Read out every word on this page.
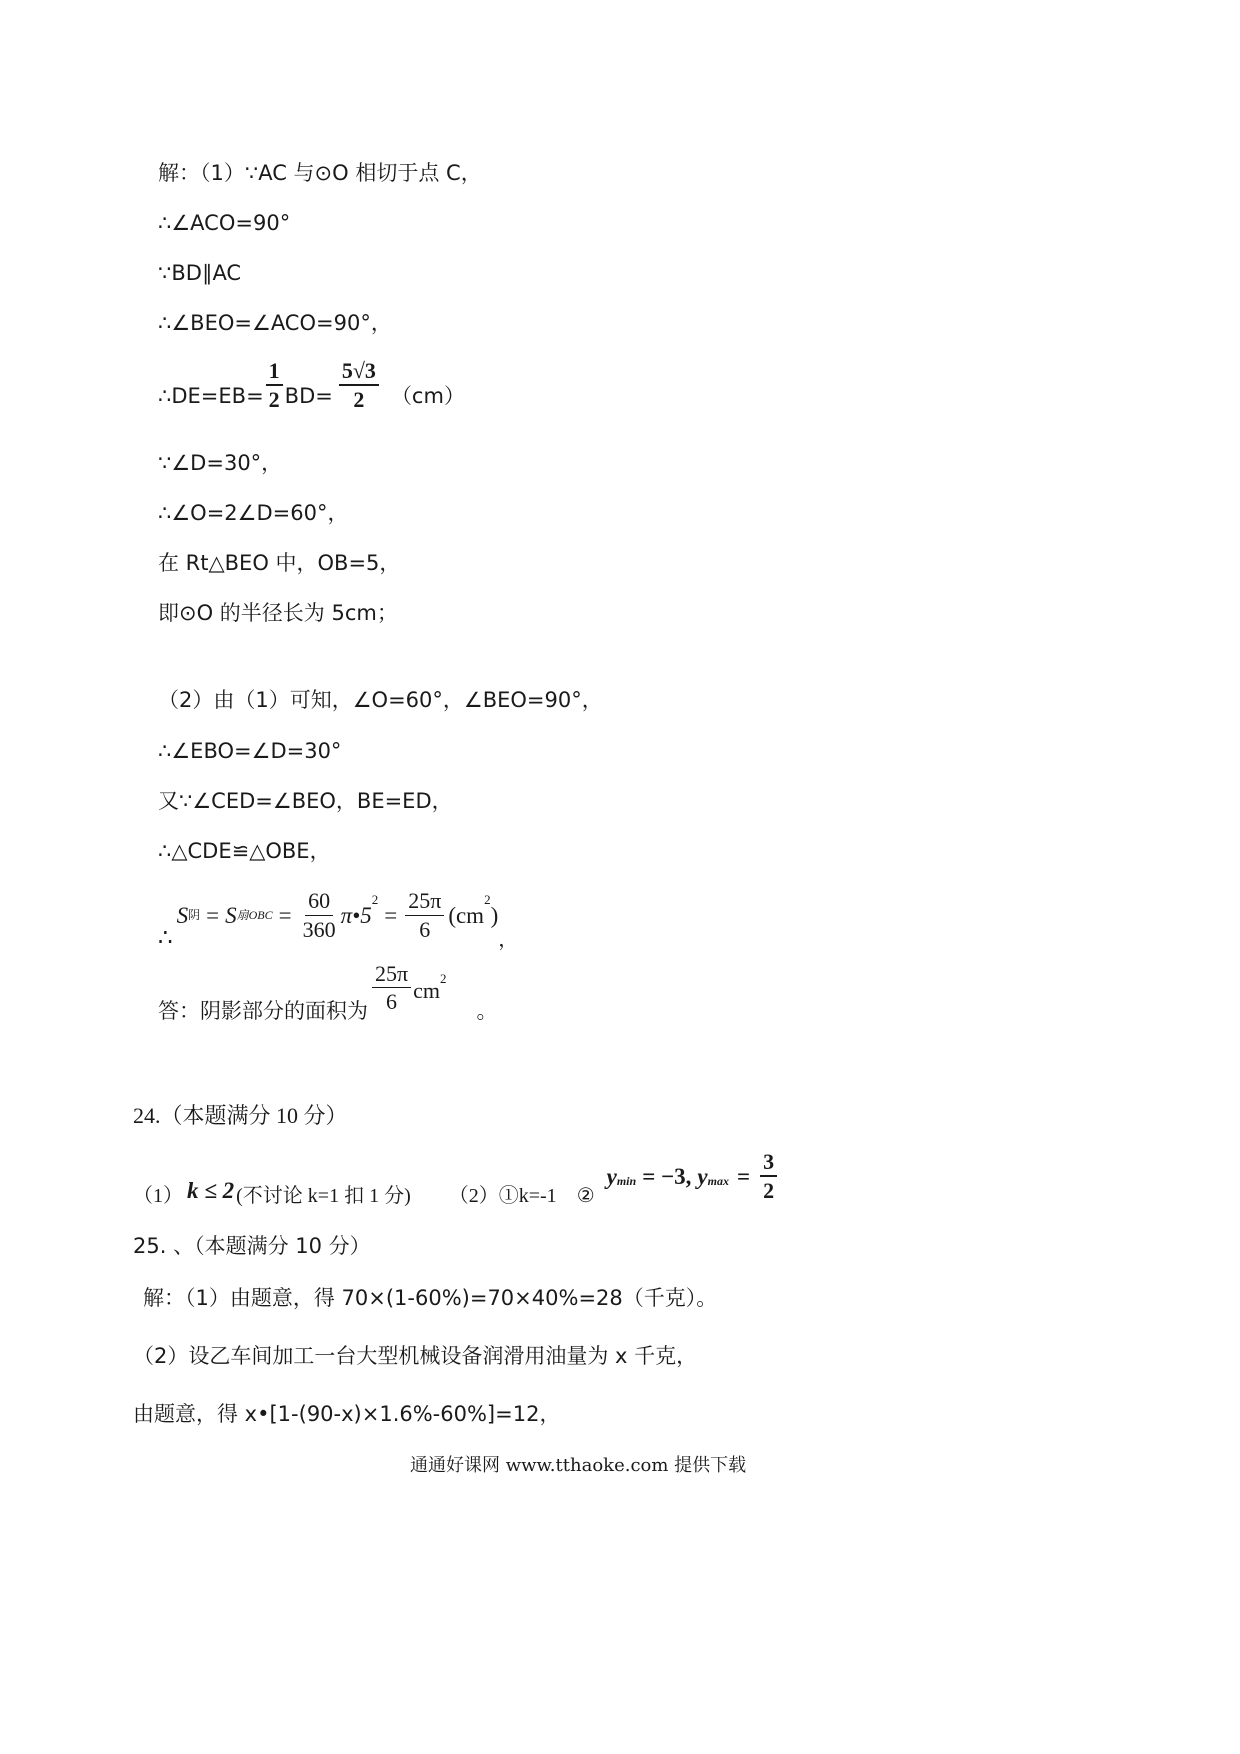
解：（1）∵AC 与⊙O 相切于点 C，
∴∠ACO=90°
∵BD∥AC
∴∠BEO=∠ACO=90°，
∴DE=EB= $\frac{1}{2} BD= \frac{5√3}{2} (cm)$
∵∠D=30°，
∴∠O=2∠D=60°，
在 Rt△BEO 中，OB=5，
即⊙O 的半径长为 5cm；
（2）由（1）可知，∠O=60°，∠BEO=90°，
∴∠EBO=∠D=30°
又∵∠CED=∠BEO，BE=ED，
∴△CDE≌△OBE，
∴
S 阴 = S 扇OBC = $\frac{60}{360}$ π•5
$^2$
= $\frac{25\pi}{6} (cm$
$^2$
)
，
答：阴影部分的面积为 $\frac{25\pi}{6} cm^2$
。
24.（本题满分 10 分）
（1） k ≤ 2 (不讨论 k=1 扣 1 分) （2）①k=-1 ②
$y_{min} = -3$, $y_{max} = \frac{3}{2}$
25. 、（本题满分 10 分）
解：（1）由题意，得 70×(1-60%)=70×40%=28（千克）。
（2）设乙车间加工一台大型机械设备润滑用油量为 x 千克，
由题意，得 x•[1-(90-x)×1.6%-60%]=12，
通通好课网 www.tthaoke.com 提供下载
